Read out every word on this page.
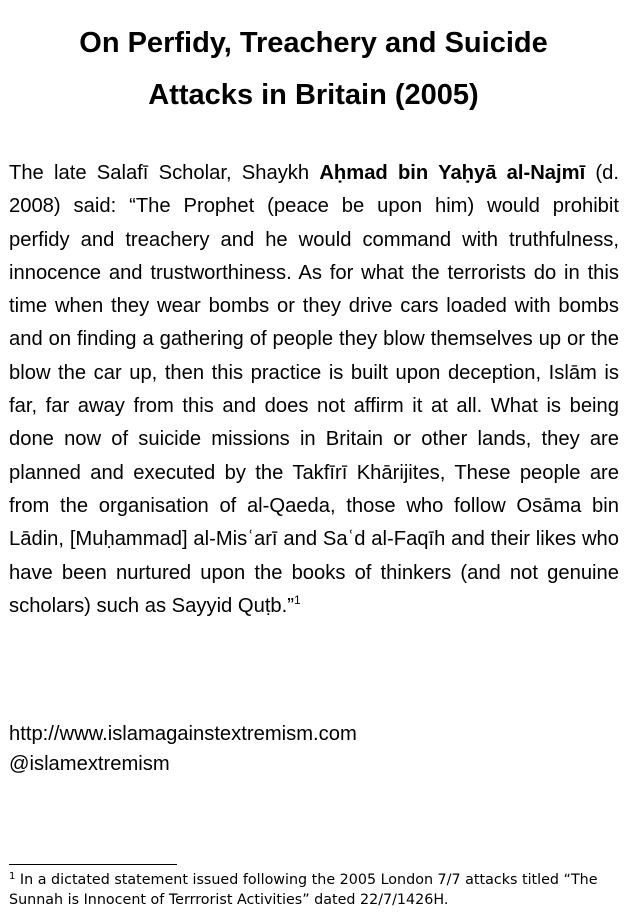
On Perfidy, Treachery and Suicide
Attacks in Britain (2005)

The late Salafī Scholar, Shaykh Aḥmad bin Yaḥyā al-Najmī (d. 2008) said: “The Prophet (peace be upon him) would prohibit perfidy and treachery and he would command with truthfulness, innocence and trustworthiness. As for what the terrorists do in this time when they wear bombs or they drive cars loaded with bombs and on finding a gathering of people they blow themselves up or the blow the car up, then this practice is built upon deception, Islām is far, far away from this and does not affirm it at all. What is being done now of suicide missions in Britain or other lands, they are planned and executed by the Takfīrī Khārijites, These people are from the organisation of al-Qaeda, those who follow Osāma bin Lādin, [Muḥammad] al-Misʿarī and Saʿd al-Faqīh and their likes who have been nurtured upon the books of thinkers (and not genuine scholars) such as Sayyid Quṭb.”$^1$

http://www.islamagainstextremism.com
@islamextremism
$^1$ In a dictated statement issued following the 2005 London 7/7 attacks titled “The Sunnah is Innocent of Terrrorist Activities” dated 22/7/1426H.
